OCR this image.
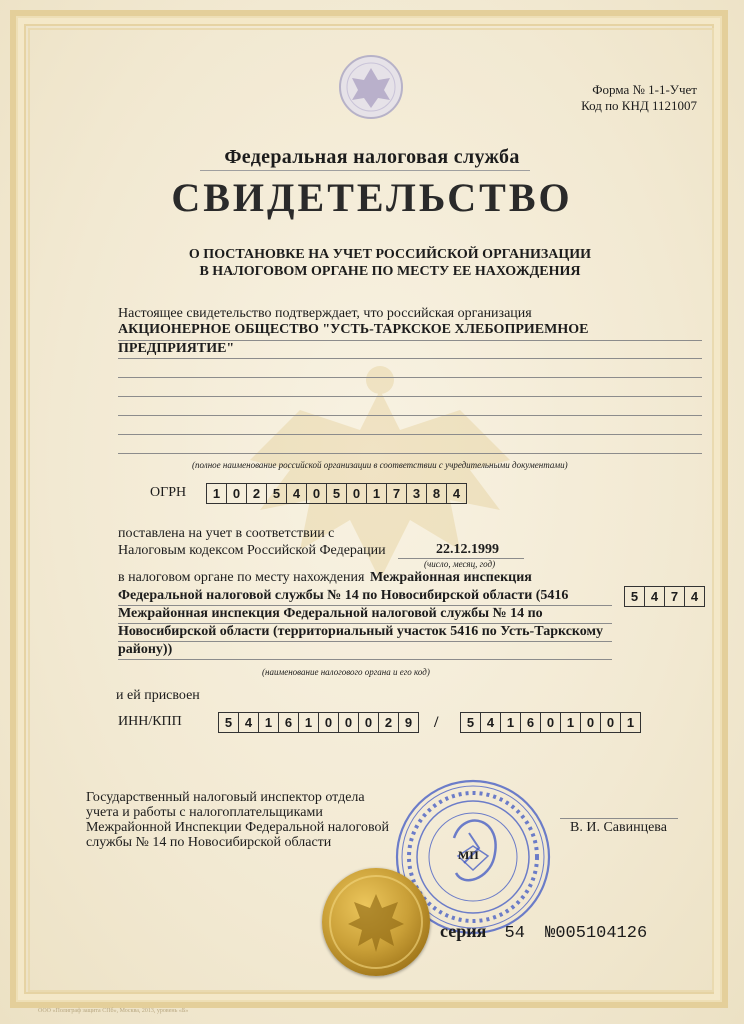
Форма № 1-1-Учет
Код по КНД 1121007
Федеральная налоговая служба
СВИДЕТЕЛЬСТВО
О ПОСТАНОВКЕ НА УЧЕТ РОССИЙСКОЙ ОРГАНИЗАЦИИ
В НАЛОГОВОМ ОРГАНЕ ПО МЕСТУ ЕЕ НАХОЖДЕНИЯ
Настоящее свидетельство подтверждает, что российская организация
АКЦИОНЕРНОЕ ОБЩЕСТВО "УСТЬ-ТАРКСКОЕ ХЛЕБОПРИЕМНОЕ
ПРЕДПРИЯТИЕ"
(полное наименование российской организации в соответствии с учредительными документами)
ОГРН	1 0 2 5 4 0 5 0 1 7 3 8 4
поставлена на учет в соответствии с
Налоговым кодексом Российской Федерации	22.12.1999
(число, месяц, год)
в налоговом органе по месту нахождения Межрайонная инспекция
Федеральной налоговой службы № 14 по Новосибирской области (5416	5 4 7 4
Межрайонная инспекция Федеральной налоговой службы № 14 по
Новосибирской области (территориальный участок 5416 по Усть-Таркскому
району))
(наименование налогового органа и его код)
и ей присвоен
ИНН/КПП	5 4 1 6 1 0 0 0 2 9	/	5 4 1 6 0 1 0 0 1
Государственный налоговый инспектор отдела
учета и работы с налогоплательщиками
Межрайонной Инспекции Федеральной налоговой
службы № 14 по Новосибирской области
В. И. Савинцева
МП
серия 54 №005104126
ООО «Полиграф защита СПб», Москва, 2013, уровень «Б»
